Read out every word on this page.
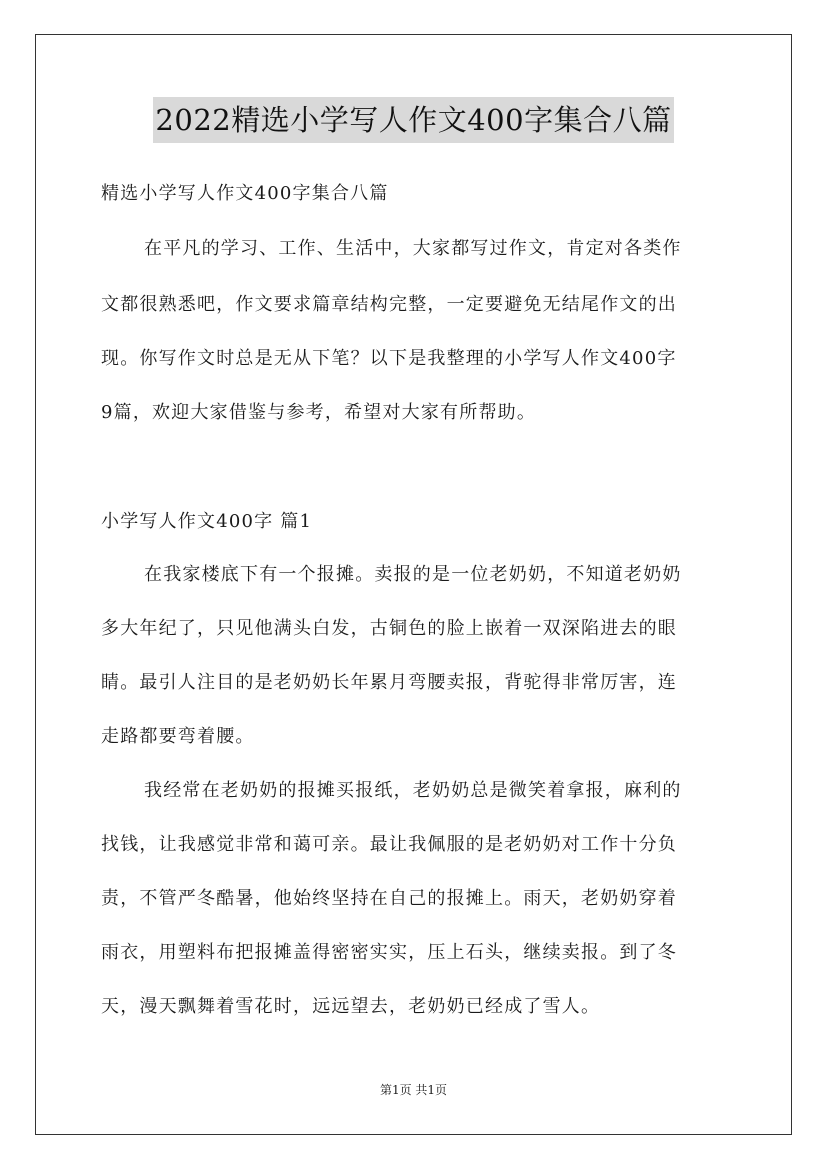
2022精选小学写人作文400字集合八篇
精选小学写人作文400字集合八篇
在平凡的学习、工作、生活中，大家都写过作文，肯定对各类作
文都很熟悉吧，作文要求篇章结构完整，一定要避免无结尾作文的出
现。你写作文时总是无从下笔？以下是我整理的小学写人作文400字
9篇，欢迎大家借鉴与参考，希望对大家有所帮助。
小学写人作文400字 篇1
在我家楼底下有一个报摊。卖报的是一位老奶奶，不知道老奶奶
多大年纪了，只见他满头白发，古铜色的脸上嵌着一双深陷进去的眼
睛。最引人注目的是老奶奶长年累月弯腰卖报，背驼得非常厉害，连
走路都要弯着腰。
我经常在老奶奶的报摊买报纸，老奶奶总是微笑着拿报，麻利的
找钱，让我感觉非常和蔼可亲。最让我佩服的是老奶奶对工作十分负
责，不管严冬酷暑，他始终坚持在自己的报摊上。雨天，老奶奶穿着
雨衣，用塑料布把报摊盖得密密实实，压上石头，继续卖报。到了冬
天，漫天飘舞着雪花时，远远望去，老奶奶已经成了雪人。
第1页 共1页
